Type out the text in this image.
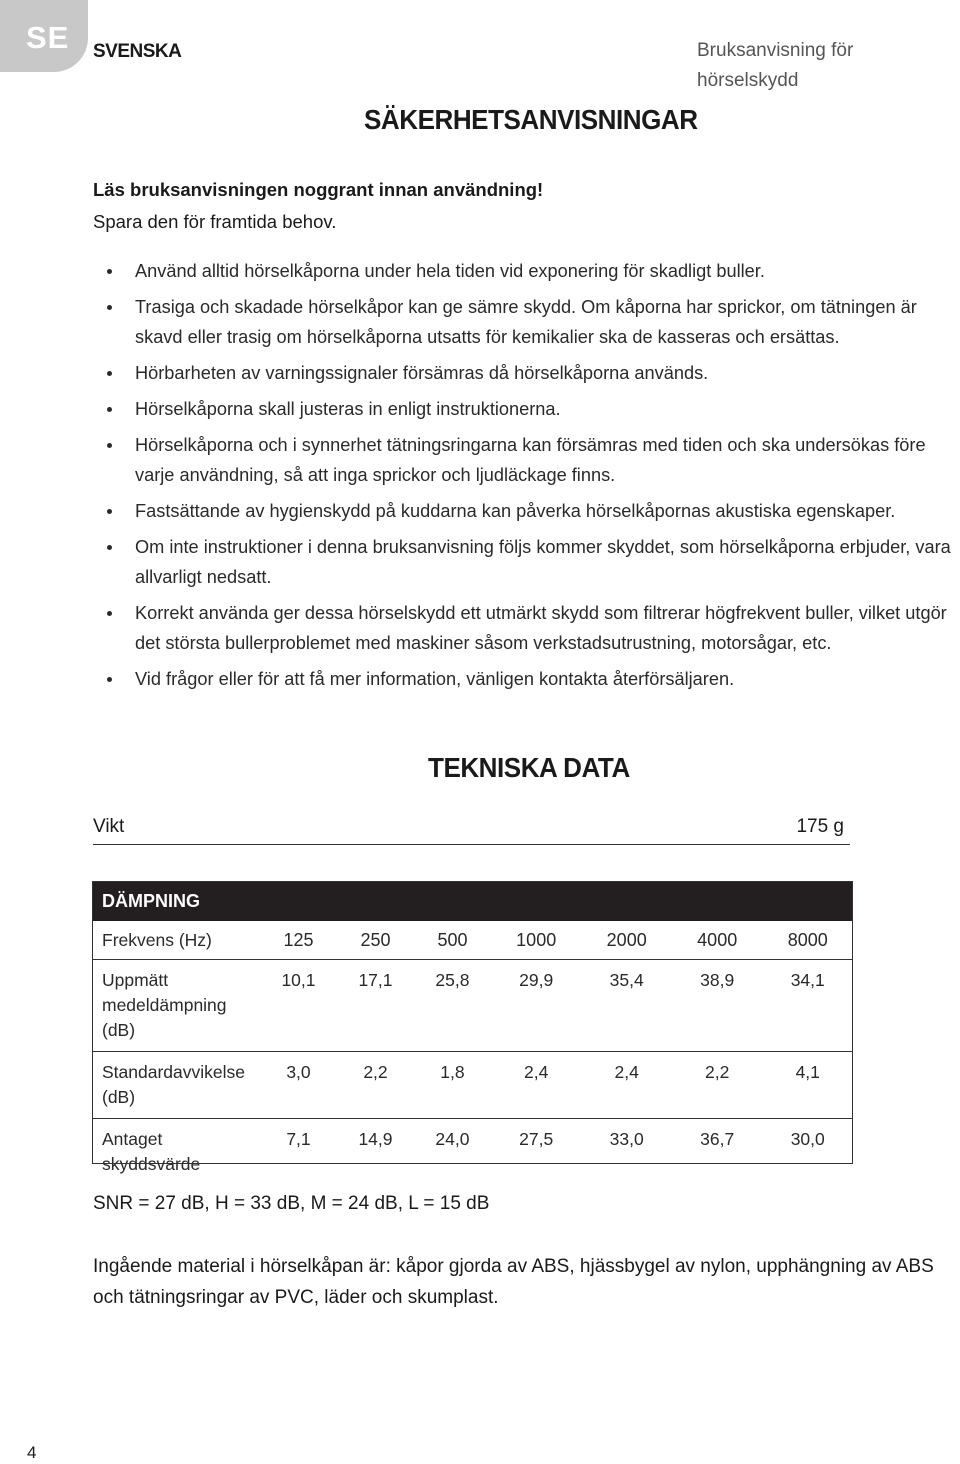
SE SVENSKA	Bruksanvisning för hörselskydd
SÄKERHETSANVISNINGAR
Läs bruksanvisningen noggrant innan användning!
Spara den för framtida behov.
Använd alltid hörselkåporna under hela tiden vid exponering för skadligt buller.
Trasiga och skadade hörselkåpor kan ge sämre skydd. Om kåporna har sprickor, om tätningen är skavd eller trasig om hörselkåporna utsatts för kemikalier ska de kasseras och ersättas.
Hörbarheten av varningssignaler försämras då hörselkåporna används.
Hörselkåporna skall justeras in enligt instruktionerna.
Hörselkåporna och i synnerhet tätningsringarna kan försämras med tiden och ska undersökas före varje användning, så att inga sprickor och ljudläckage finns.
Fastsättande av hygienskydd på kuddarna kan påverka hörselkåpornas akustiska egenskaper.
Om inte instruktioner i denna bruksanvisning följs kommer skyddet, som hörselkåporna erbjuder, vara allvarligt nedsatt.
Korrekt använda ger dessa hörselskydd ett utmärkt skydd som filtrerar högfrekvent buller, vilket utgör det största bullerproblemet med maskiner såsom verkstadsutrustning, motorsågar, etc.
Vid frågor eller för att få mer information, vänligen kontakta återförsäljaren.
TEKNISKA DATA
Vikt	175 g
DÄMPNING							
Frekvens (Hz)	125	250	500	1000	2000	4000	8000
Uppmätt medeldämpning (dB)	10,1	17,1	25,8	29,9	35,4	38,9	34,1
Standardavvikelse (dB)	3,0	2,2	1,8	2,4	2,4	2,2	4,1
Antaget skyddsvärde	7,1	14,9	24,0	27,5	33,0	36,7	30,0
SNR = 27 dB, H = 33 dB, M = 24 dB, L = 15 dB
Ingående material i hörselkåpan är: kåpor gjorda av ABS, hjässbygel av nylon, upphängning av ABS och tätningsringar av PVC, läder och skumplast.
4
